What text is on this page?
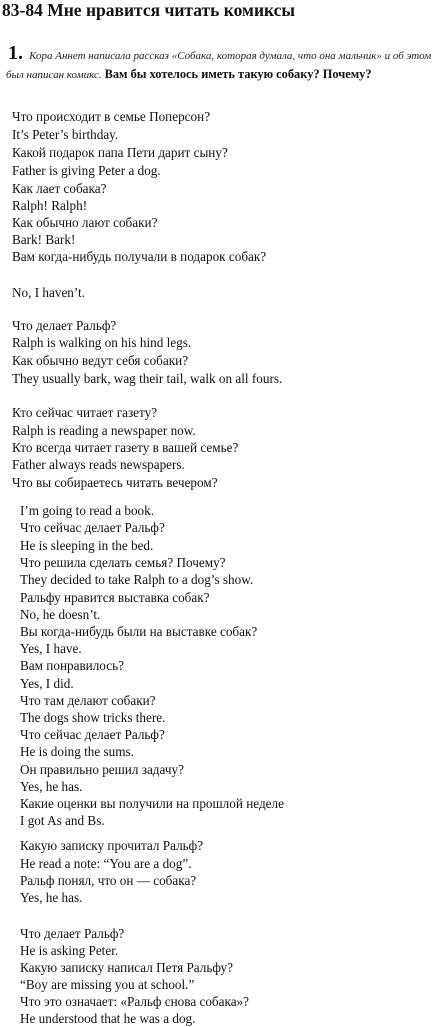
83-84 Мне нравится читать комиксы
1. Кора Аннет написала рассказ «Собака, которая думала, что она мальчик» и об этом был написан комикс. Вам бы хотелось иметь такую собаку? Почему?
Что происходит в семье Поперсон?
It’s Peter’s birthday.
Какой подарок папа Пети дарит сыну?
Father is giving Peter a dog.
Как лает собака?
Ralph! Ralph!
Как обычно лают собаки?
Bark! Bark!
Вам когда-нибудь получали в подарок собак?
No, I haven’t.
Что делает Ральф?
Ralph is walking on his hind legs.
Как обычно ведут себя собаки?
They usually bark, wag their tail, walk on all fours.
Кто сейчас читает газету?
Ralph is reading a newspaper now.
Кто всегда читает газету в вашей семье?
Father always reads newspapers.
Что вы собираетесь читать вечером?
I’m going to read a book.
Что сейчас делает Ральф?
He is sleeping in the bed.
Что решила сделать семья? Почему?
They decided to take Ralph to a dog’s show.
Ральфу нравится выставка собак?
No, he doesn’t.
Вы когда-нибудь были на выставке собак?
Yes, I have.
Вам понравилось?
Yes, I did.
Что там делают собаки?
The dogs show tricks there.
Что сейчас делает Ральф?
He is doing the sums.
Он правильно решил задачу?
Yes, he has.
Какие оценки вы получили на прошлой неделе
I got As and Bs.
Какую записку прочитал Ральф?
He read a note: “You are a dog”.
Ральф понял, что он — собака?
Yes, he has.
Что делает Ральф?
He is asking Peter.
Какую записку написал Петя Ральфу?
“Boy are missing you at school.”
Что это означает: «Ральф снова собака»?
He understood that he was a dog.
